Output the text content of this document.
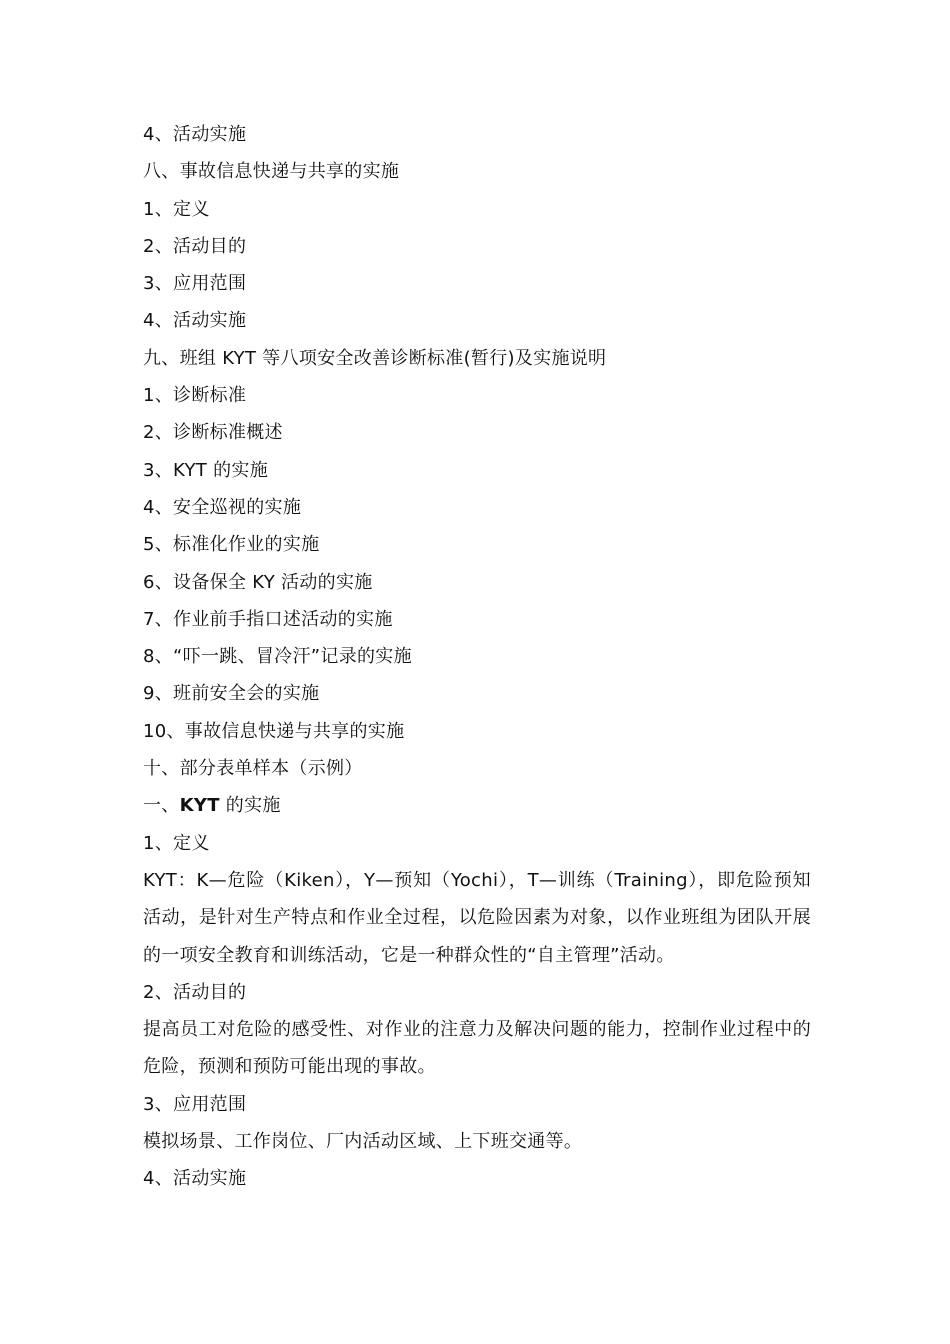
4、活动实施
八、事故信息快递与共享的实施
1、定义
2、活动目的
3、应用范围
4、活动实施
九、班组 KYT 等八项安全改善诊断标准(暂行)及实施说明
1、诊断标准
2、诊断标准概述
3、KYT 的实施
4、安全巡视的实施
5、标准化作业的实施
6、设备保全 KY 活动的实施
7、作业前手指口述活动的实施
8、“吓一跳、冒冷汗”记录的实施
9、班前安全会的实施
10、事故信息快递与共享的实施
十、部分表单样本（示例）
一、KYT 的实施
1、定义
KYT：K—危险（Kiken），Y—预知（Yochi），T—训练（Training），即危险预知活动，是针对生产特点和作业全过程，以危险因素为对象，以作业班组为团队开展的一项安全教育和训练活动，它是一种群众性的“自主管理”活动。
2、活动目的
提高员工对危险的感受性、对作业的注意力及解决问题的能力，控制作业过程中的危险，预测和预防可能出现的事故。
3、应用范围
模拟场景、工作岗位、厂内活动区域、上下班交通等。
4、活动实施
